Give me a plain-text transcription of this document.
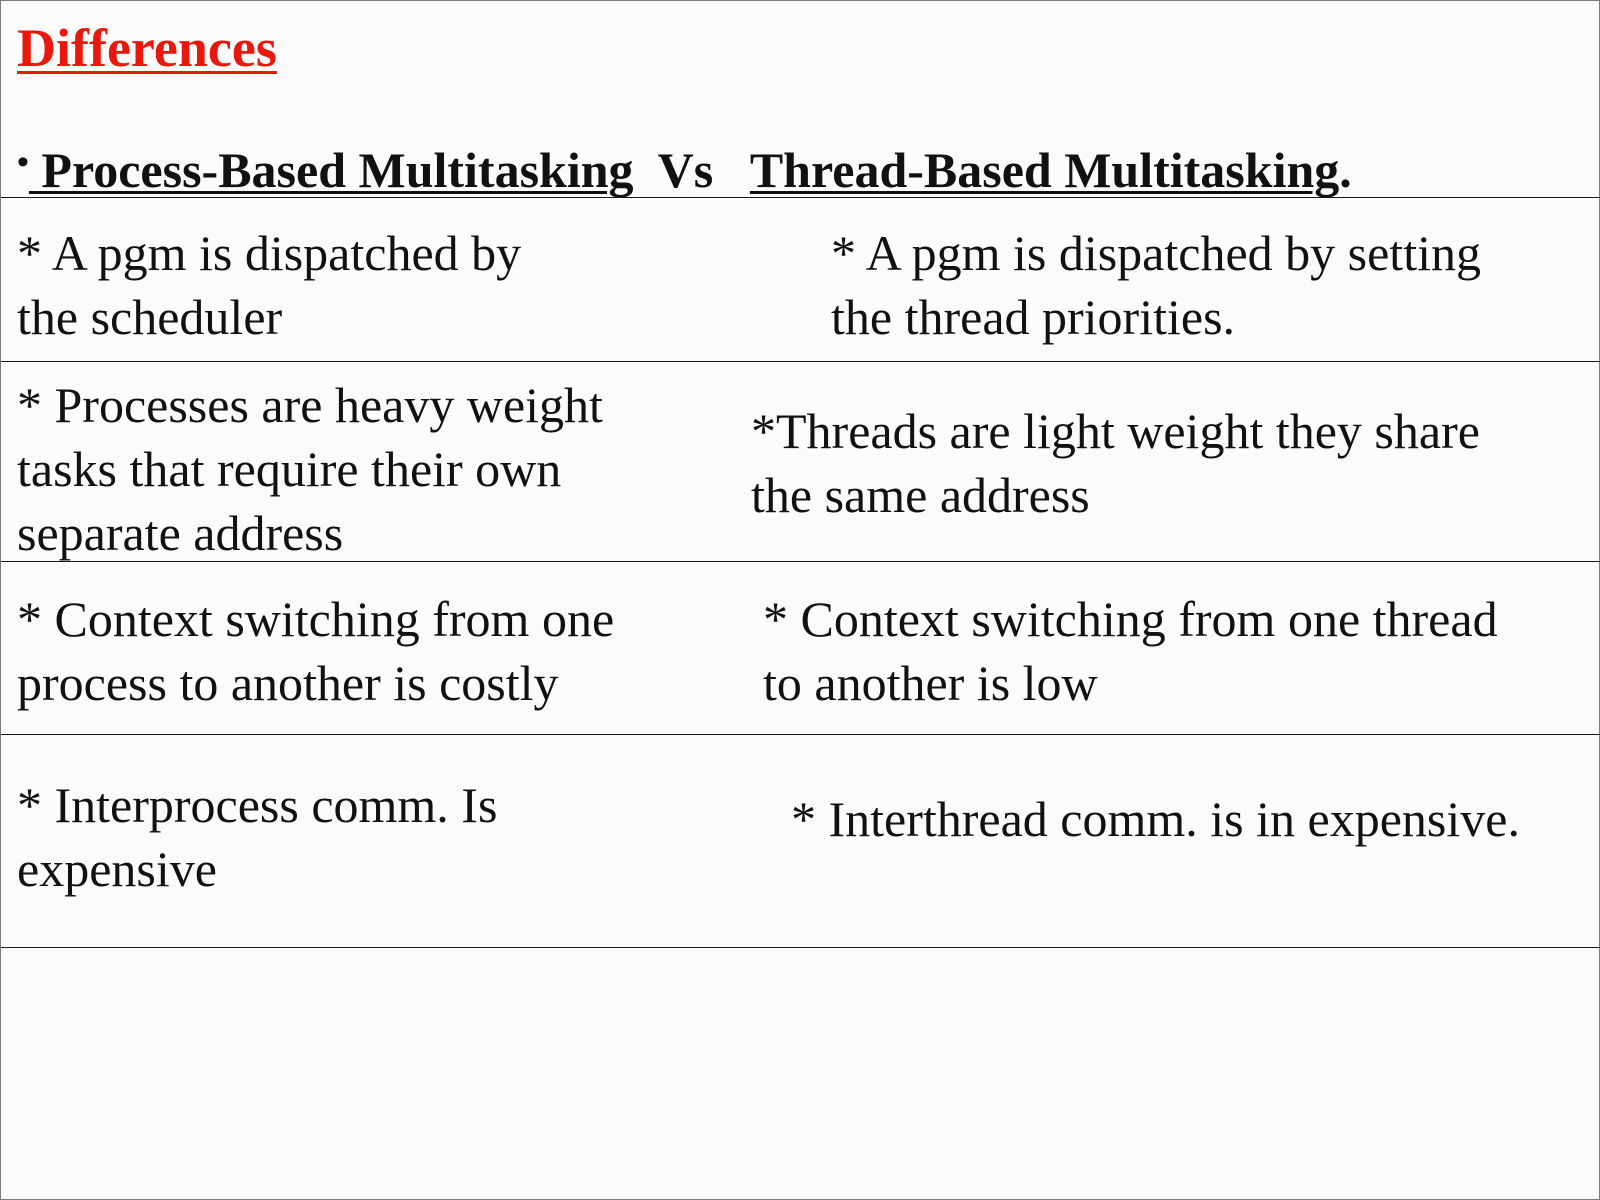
Differences
• Process-Based Multitasking  Vs   Thread-Based Multitasking.

* A pgm is dispatched by
the scheduler

* A pgm is dispatched by setting
the thread priorities.

* Processes are heavy weight
tasks that require their own
separate address

*Threads are light weight they share
the same address

* Context switching from one
process to another is costly

* Context switching from one thread
to another is low

* Interprocess comm. Is
expensive

* Interthread comm. is in expensive.
